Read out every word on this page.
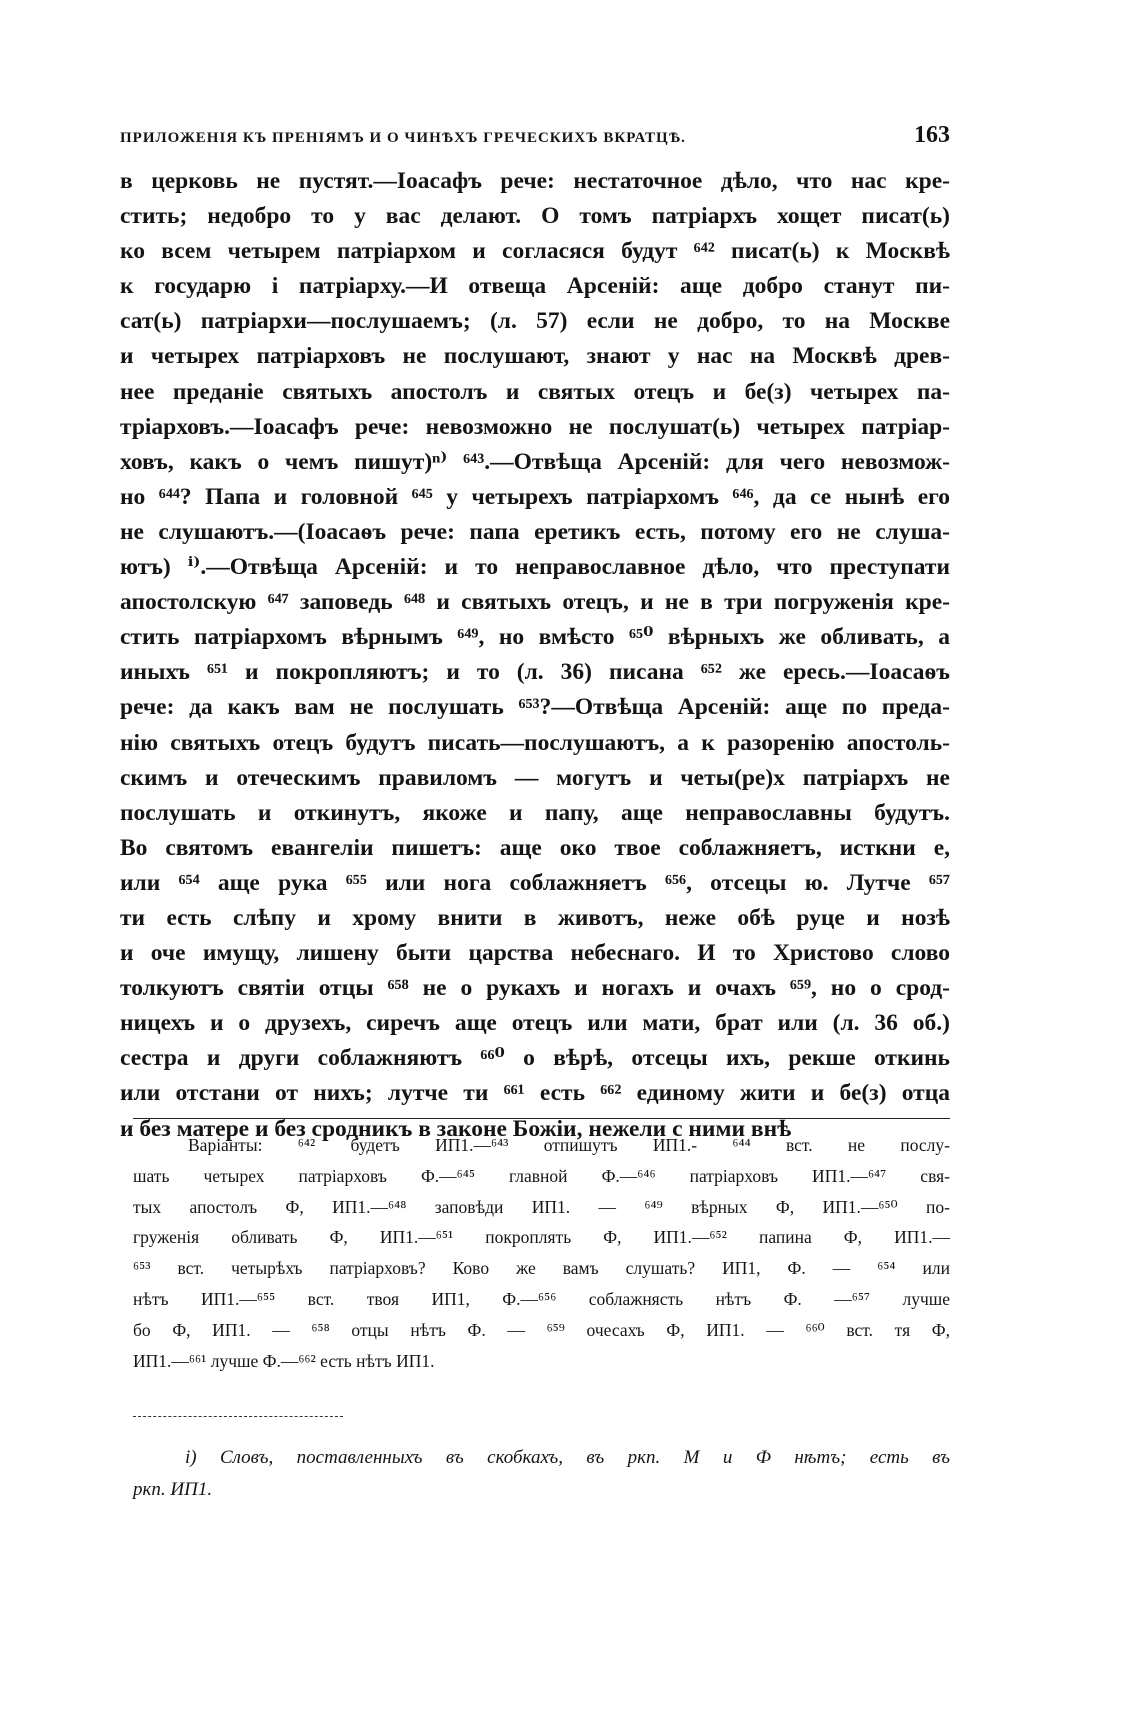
ПРИЛОЖЕНІЯ КЪ ПРЕНІЯМЪ И О ЧИНѢХЪ ГРЕЧЕСКИХЪ ВКРАТЦѢ.	163
в церковь не пустят.—Іоасафъ рече: нестаточное дѣло, что нас кре-
стить; недобро то у вас делают. О томъ патріархъ хощет писат(ь)
ко всем четырем патріархом и согласяся будут ⁶⁴² писат(ь) к Москвѣ
к государю і патріарху.—И отвеща Арсеній: аще добро станут пи-
сат(ь) патріархи—послушаемъ; (л. 57) если не добро, то на Москве
и четырех патріарховъ не послушают, знают у нас на Москвѣ древ-
нее преданіе святыхъ апостолъ и святых отецъ и бе(з) четырех па-
тріарховъ.—Іоасафъ рече: невозможно не послушат(ь) четырех патріар-
ховъ, какъ о чемъ пишут)ⁿ⁾ ⁶⁴³.—Отвѣща Арсеній: для чего невозмож-
но ⁶⁴⁴? Папа и головной ⁶⁴⁵ у четырехъ патріархомъ ⁶⁴⁶, да се нынѣ его
не слушаютъ.—(Іоасаѳъ рече: папа еретикъ есть, потому его не слуша-
ютъ) ⁱ⁾.—Отвѣща Арсеній: и то неправославное дѣло, что преступати
апостолскую ⁶⁴⁷ заповедь ⁶⁴⁸ и святыхъ отецъ, и не в три погруженія кре-
стить патріархомъ вѣрнымъ ⁶⁴⁹, но вмѣсто ⁶⁵⁰ вѣрныхъ же обливать, а
иныхъ ⁶⁵¹ и покропляютъ; и то (л. 36) писана ⁶⁵² же ересь.—Іоасаѳъ
рече: да какъ вам не послушать ⁶⁵³?—Отвѣща Арсеній: аще по преда-
нію святыхъ отецъ будутъ писать—послушаютъ, а к разоренію апостоль-
скимъ и отеческимъ правиломъ — могутъ и четы(ре)х патріархъ не
послушать и откинутъ, якоже и папу, аще неправославны будутъ.
Во святомъ евангеліи пишетъ: аще око твое соблажняетъ, иcткни е,
или ⁶⁵⁴ аще рука ⁶⁵⁵ или нога соблажняетъ ⁶⁵⁶, отсецы ю. Лутче ⁶⁵⁷
ти есть слѣпу и хрому внити в животъ, неже обѣ руце и нозѣ
и оче имущу, лишену быти царства небеснаго. И то Христово слово
толкуютъ святіи отцы ⁶⁵⁸ не о рукахъ и ногахъ и очахъ ⁶⁵⁹, но о срод-
ницехъ и о друзехъ, сиречъ аще отецъ или мати, брат или (л. 36 об.)
сестра и други соблажняютъ ⁶⁶⁰ о вѣрѣ, отсецы ихъ, рекше откинь
или отстани от нихъ; лутче ти ⁶⁶¹ есть ⁶⁶² единому жити и бе(з) отца
и без матере и без сродникъ в законе Божіи, нежели с ними внѣ
Варіанты: ⁶⁴² будетъ ИП1.—⁶⁴³ отпишутъ ИП1.- ⁶⁴⁴ вст. не послу-
шать четырех патріарховъ Ф.—⁶⁴⁵ главной Ф.—⁶⁴⁶ патріарховъ ИП1.—⁶⁴⁷ свя-
тых апостолъ Ф, ИП1.—⁶⁴⁸ заповѣди ИП1. — ⁶⁴⁹ вѣрных Ф, ИП1.—⁶⁵⁰ по-
груженія обливать Ф, ИП1.—⁶⁵¹ покроплять Ф, ИП1.—⁶⁵² папина Ф, ИП1.—
⁶⁵³ вст. четырѣхъ патріарховъ? Ково же вамъ слушать? ИП1, Ф. — ⁶⁵⁴ или
нѣтъ ИП1.—⁶⁵⁵ вст. твоя ИП1, Ф.—⁶⁵⁶ соблажнясть нѣтъ Ф. —⁶⁵⁷ лучше
бо Ф, ИП1. — ⁶⁵⁸ отцы нѣтъ Ф. — ⁶⁵⁹ очесахъ Ф, ИП1. — ⁶⁶⁰ вст. тя Ф,
ИП1.—⁶⁶¹ лучше Ф.—⁶⁶² есть нѣтъ ИП1.
i) Словъ, поставленныхъ въ скобкахъ, въ ркп. М и Ф нѣтъ; есть въ
ркп. ИП1.
